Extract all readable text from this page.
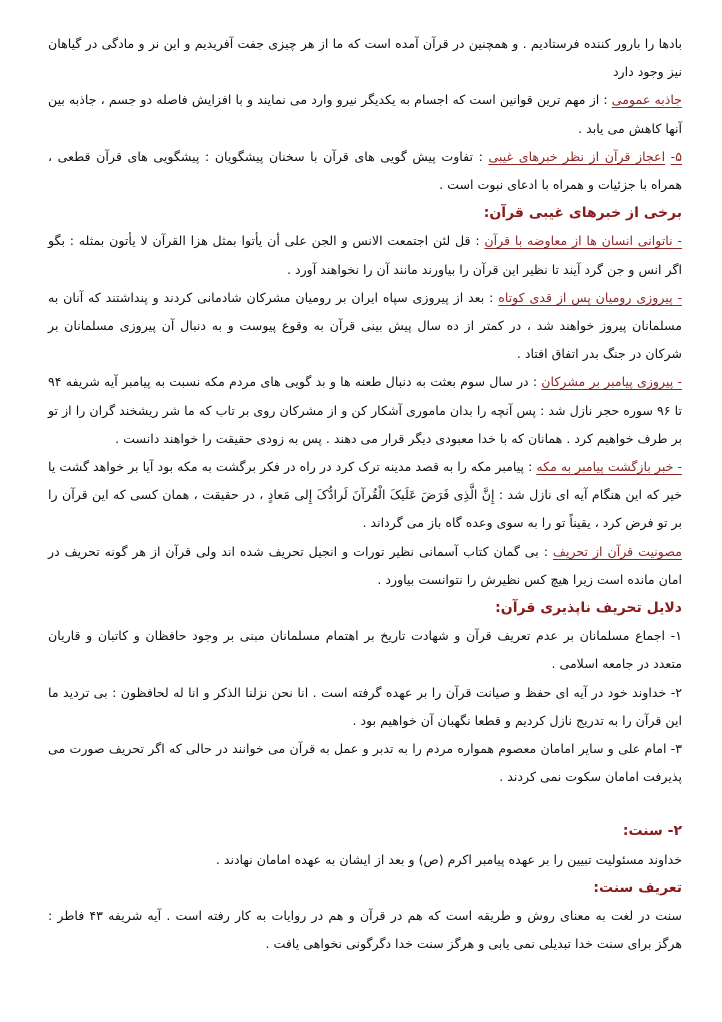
بادها را بارور کننده فرستادیم . و همچنین در قرآن آمده است که ما از هر چیزی جفت آفریدیم و این نر و مادگی در گیاهان نیز وجود دارد

جاذبه عمومی : از مهم ترین قوانین است که اجسام به یکدیگر نیرو وارد می نمایند و با افزایش فاصله دو جسم ، جاذبه بین آنها کاهش می یابد .

۵- اعجاز قرآن از نظر خبرهای غیبی : تفاوت پیش گویی های قرآن با سخنان پیشگویان : پیشگویی های قرآن قطعی ، همراه با جزئیات و همراه با ادعای نبوت است .

برخی از خبرهای غیبی قرآن:

- ناتوانی انسان ها از معاوضه با قرآن : قل لئن اجتمعت الانس و الجن علی أن یأتوا بمثل هزا القرآن لا یأتون بمثله : بگو اگر انس و جن گرد آیند تا نظیر این قرآن را بیاورند مانند آن را نخواهند آورد .

- پیروزی رومیان پس از قدی کوتاه : بعد از پیروزی سپاه ایران بر رومیان مشرکان شادمانی کردند و پنداشتند که آنان به مسلمانان پیروز خواهند شد ، در کمتر از ده سال پیش بینی قرآن به وقوع پیوست و به دنبال آن پیروزی مسلمانان بر شرکان در جنگ بدر اتفاق افتاد .

- پیروزی پیامبر بر مشرکان : در سال سوم بعثت به دنبال طعنه ها و بد گویی های مردم مکه نسبت به پیامبر آیه شریفه ۹۴ تا ۹۶ سوره حجر نازل شد : پس آنچه را بدان ماموری آشکار کن و از مشرکان روی بر تاب که ما شر ریشخند گران را از تو بر طرف خواهیم کرد . همانان که با خدا معبودی دیگر قرار می دهند . پس به زودی حقیقت را خواهند دانست .

- خبر بازگشت پیامبر به مکه : پیامبر مکه را به قصد مدینه ترک کرد در راه در فکر برگشت به مکه بود آیا بر خواهد گشت یا خیر که این هنگام آیه ای نازل شد : إِنَّ الَّذِی فَرَضَ عَلَیکَ الْقُرآنَ لَرادُّکَ إِلی مَعادٍ ، در حقیقت ، همان کسی که این قرآن را بر تو فرض کرد ، یقیناً تو را به سوی وعده گاه باز می گرداند .

مصونیت قرآن از تحریف : بی گمان کتاب آسمانی نظیر تورات و انجیل تحریف شده اند ولی قرآن از هر گونه تحریف در امان مانده است زیرا هیچ کس نظیرش را نتوانست بیاورد .

دلایل تحریف ناپذیری قرآن:

۱- اجماع مسلمانان بر عدم تعریف قرآن و شهادت تاریخ بر اهتمام مسلمانان مبنی بر وجود حافظان و کاتبان و قاریان متعدد در جامعه اسلامی .

۲- خداوند خود در آیه ای حفظ و صیانت قرآن را بر عهده گرفته است . انا نحن نزلنا الذکر و انا له لحافظون : بی تردید ما این قرآن را به تدریج نازل کردیم و قطعا نگهبان آن خواهیم بود .

۳- امام علی و سایر امامان معصوم همواره مردم را به تدبر و عمل به قرآن می خوانند در حالی که اگر تحریف صورت می پذیرفت امامان سکوت نمی کردند .

۲- سنت:

خداوند مسئولیت تبیین را بر عهده پیامبر اکرم (ص) و بعد از ایشان به عهده امامان نهادند .

تعریف سنت:

سنت در لغت به معنای روش و طریقه است که هم در قرآن و هم در روایات به کار رفته است . آیه شریفه ۴۳ فاطر : هرگز برای سنت خدا تبدیلی نمی یابی و هرگز سنت خدا دگرگونی نخواهی یافت .
